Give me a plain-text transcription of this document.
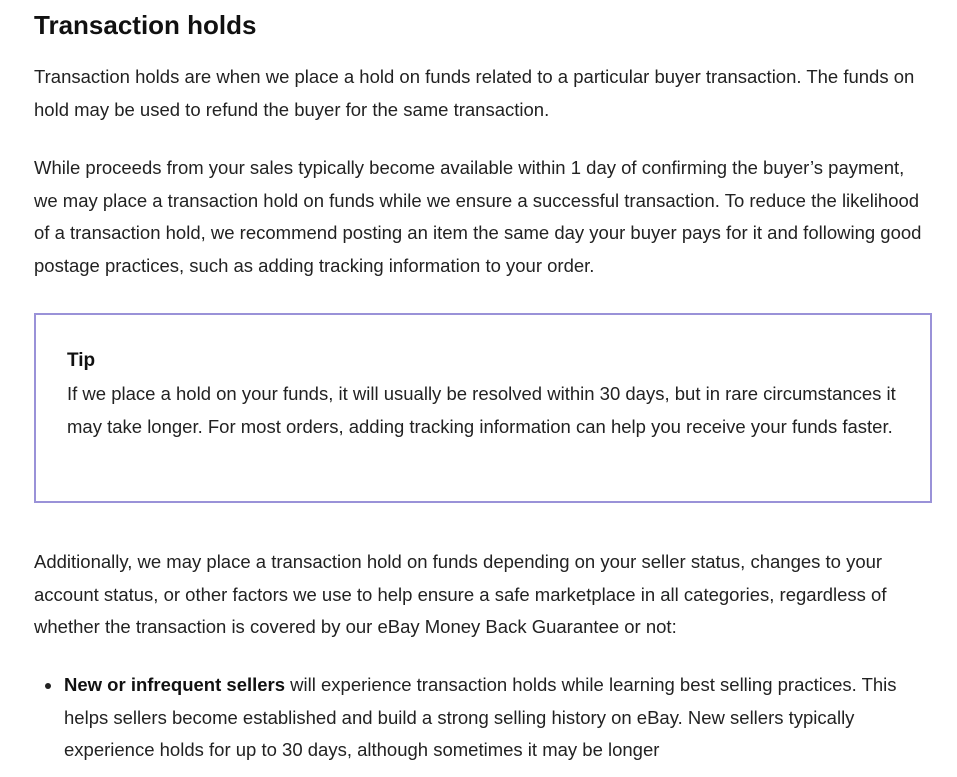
Transaction holds

Transaction holds are when we place a hold on funds related to a particular buyer transaction. The funds on hold may be used to refund the buyer for the same transaction.

While proceeds from your sales typically become available within 1 day of confirming the buyer’s payment, we may place a transaction hold on funds while we ensure a successful transaction. To reduce the likelihood of a transaction hold, we recommend posting an item the same day your buyer pays for it and following good postage practices, such as adding tracking information to your order.

Tip

If we place a hold on your funds, it will usually be resolved within 30 days, but in rare circumstances it may take longer. For most orders, adding tracking information can help you receive your funds faster.

Additionally, we may place a transaction hold on funds depending on your seller status, changes to your account status, or other factors we use to help ensure a safe marketplace in all categories, regardless of whether the transaction is covered by our eBay Money Back Guarantee or not:

New or infrequent sellers will experience transaction holds while learning best selling practices. This helps sellers become established and build a strong selling history on eBay. New sellers typically experience holds for up to 30 days, although sometimes it may be longer
